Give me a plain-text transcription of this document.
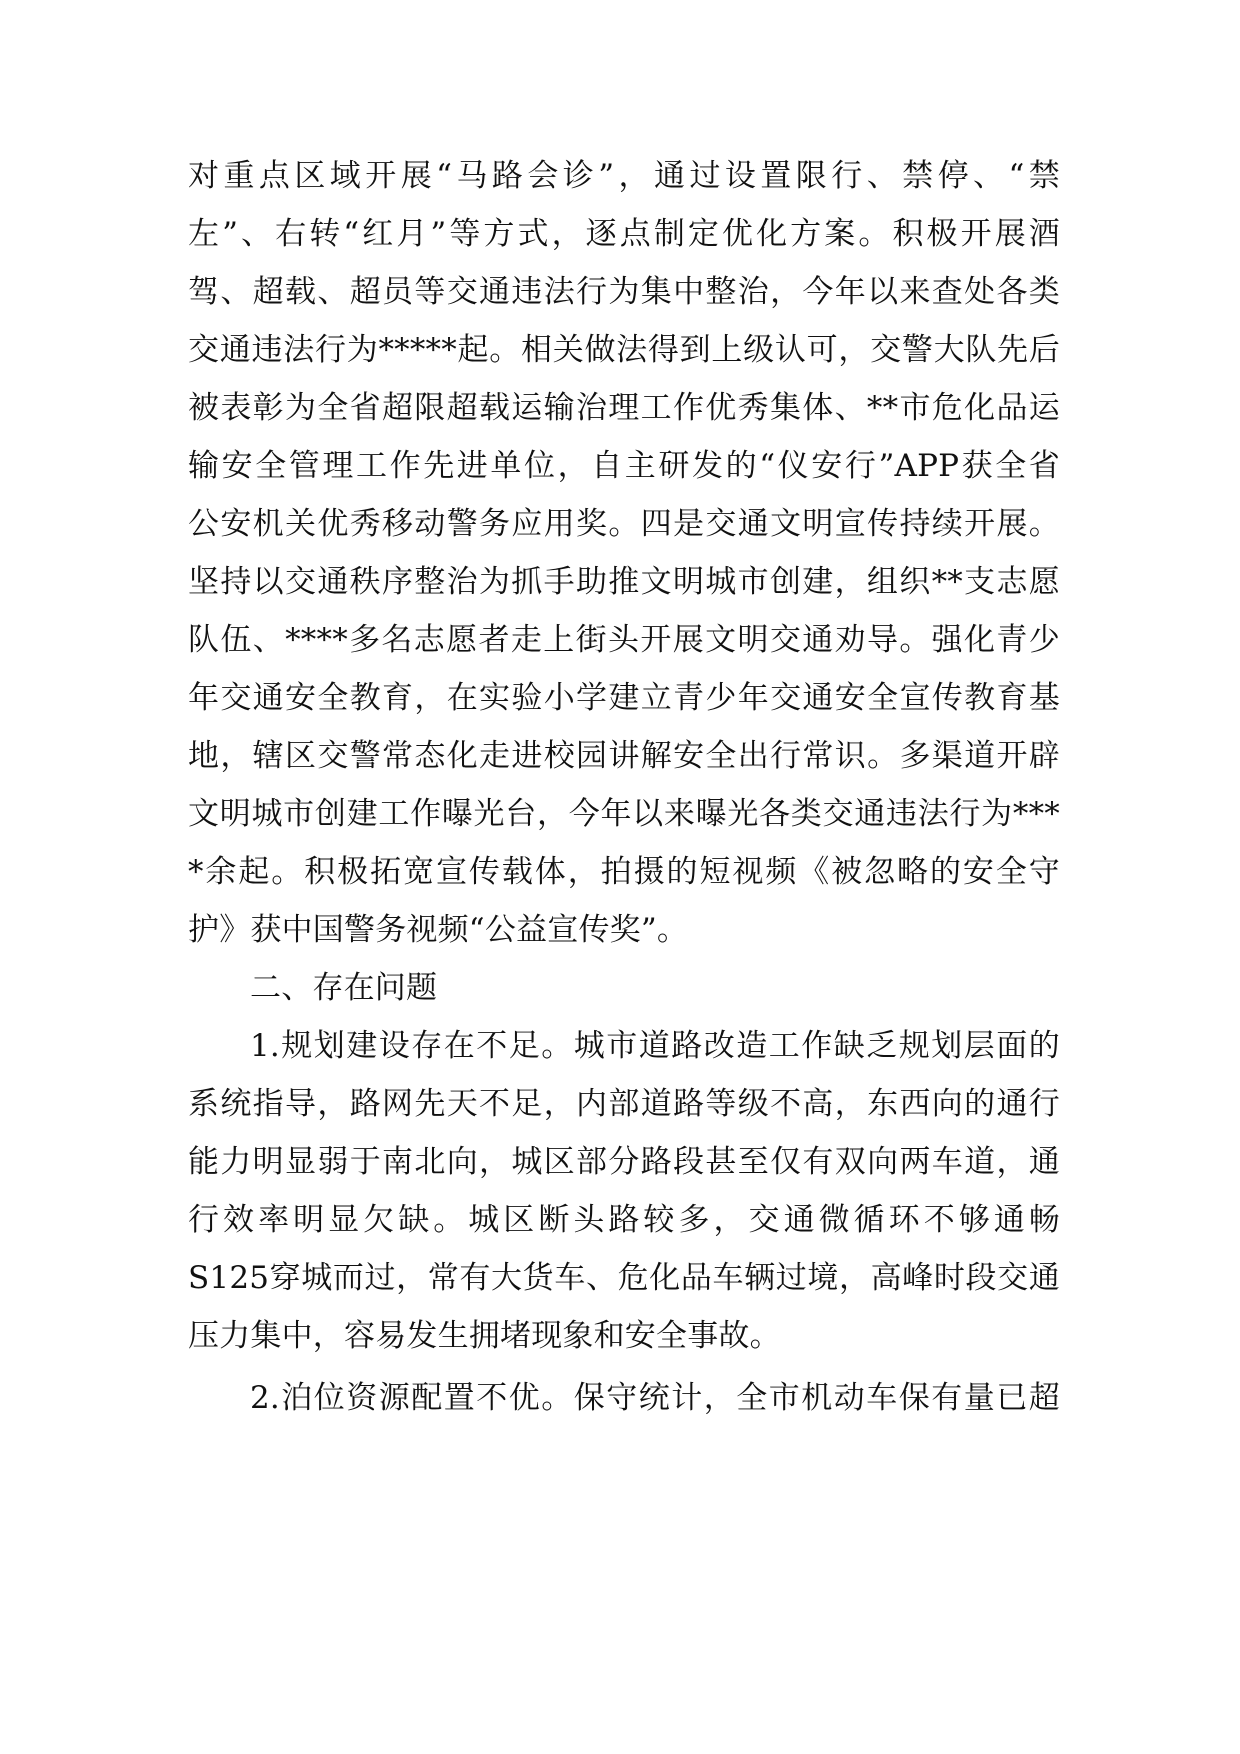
对重点区域开展“马路会诊”，通过设置限行、禁停、“禁
左”、右转“红月”等方式，逐点制定优化方案。积极开展酒
驾、超载、超员等交通违法行为集中整治，今年以来查处各类
交通违法行为*****起。相关做法得到上级认可，交警大队先后
被表彰为全省超限超载运输治理工作优秀集体、**市危化品运
输安全管理工作先进单位，自主研发的“仪安行”APP获全省
公安机关优秀移动警务应用奖。四是交通文明宣传持续开展。
坚持以交通秩序整治为抓手助推文明城市创建，组织**支志愿
队伍、****多名志愿者走上街头开展文明交通劝导。强化青少
年交通安全教育，在实验小学建立青少年交通安全宣传教育基
地，辖区交警常态化走进校园讲解安全出行常识。多渠道开辟
文明城市创建工作曝光台，今年以来曝光各类交通违法行为***
*余起。积极拓宽宣传载体，拍摄的短视频《被忽略的安全守
护》获中国警务视频“公益宣传奖”。
二、存在问题
1.规划建设存在不足。城市道路改造工作缺乏规划层面的
系统指导，路网先天不足，内部道路等级不高，东西向的通行
能力明显弱于南北向，城区部分路段甚至仅有双向两车道，通
行效率明显欠缺。城区断头路较多，交通微循环不够通畅
S125穿城而过，常有大货车、危化品车辆过境，高峰时段交通
压力集中，容易发生拥堵现象和安全事故。
2.泊位资源配置不优。保守统计，全市机动车保有量已超
